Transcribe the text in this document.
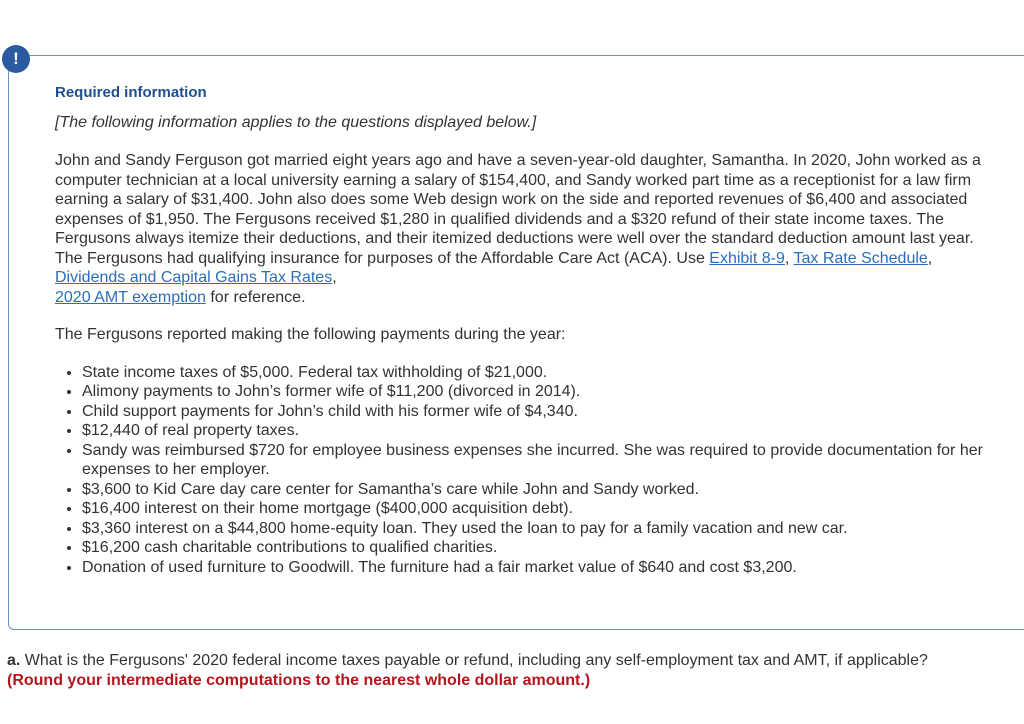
!
Required information
[The following information applies to the questions displayed below.]
John and Sandy Ferguson got married eight years ago and have a seven-year-old daughter, Samantha. In 2020, John worked as a computer technician at a local university earning a salary of $154,400, and Sandy worked part time as a receptionist for a law firm earning a salary of $31,400. John also does some Web design work on the side and reported revenues of $6,400 and associated expenses of $1,950. The Fergusons received $1,280 in qualified dividends and a $320 refund of their state income taxes. The Fergusons always itemize their deductions, and their itemized deductions were well over the standard deduction amount last year. The Fergusons had qualifying insurance for purposes of the Affordable Care Act (ACA). Use Exhibit 8-9, Tax Rate Schedule, Dividends and Capital Gains Tax Rates,
2020 AMT exemption for reference.
The Fergusons reported making the following payments during the year:
• State income taxes of $5,000. Federal tax withholding of $21,000.
• Alimony payments to John’s former wife of $11,200 (divorced in 2014).
• Child support payments for John’s child with his former wife of $4,340.
• $12,440 of real property taxes.
• Sandy was reimbursed $720 for employee business expenses she incurred. She was required to provide documentation for her expenses to her employer.
• $3,600 to Kid Care day care center for Samantha’s care while John and Sandy worked.
• $16,400 interest on their home mortgage ($400,000 acquisition debt).
• $3,360 interest on a $44,800 home-equity loan. They used the loan to pay for a family vacation and new car.
• $16,200 cash charitable contributions to qualified charities.
• Donation of used furniture to Goodwill. The furniture had a fair market value of $640 and cost $3,200.
a. What is the Fergusons' 2020 federal income taxes payable or refund, including any self-employment tax and AMT, if applicable?
(Round your intermediate computations to the nearest whole dollar amount.)
